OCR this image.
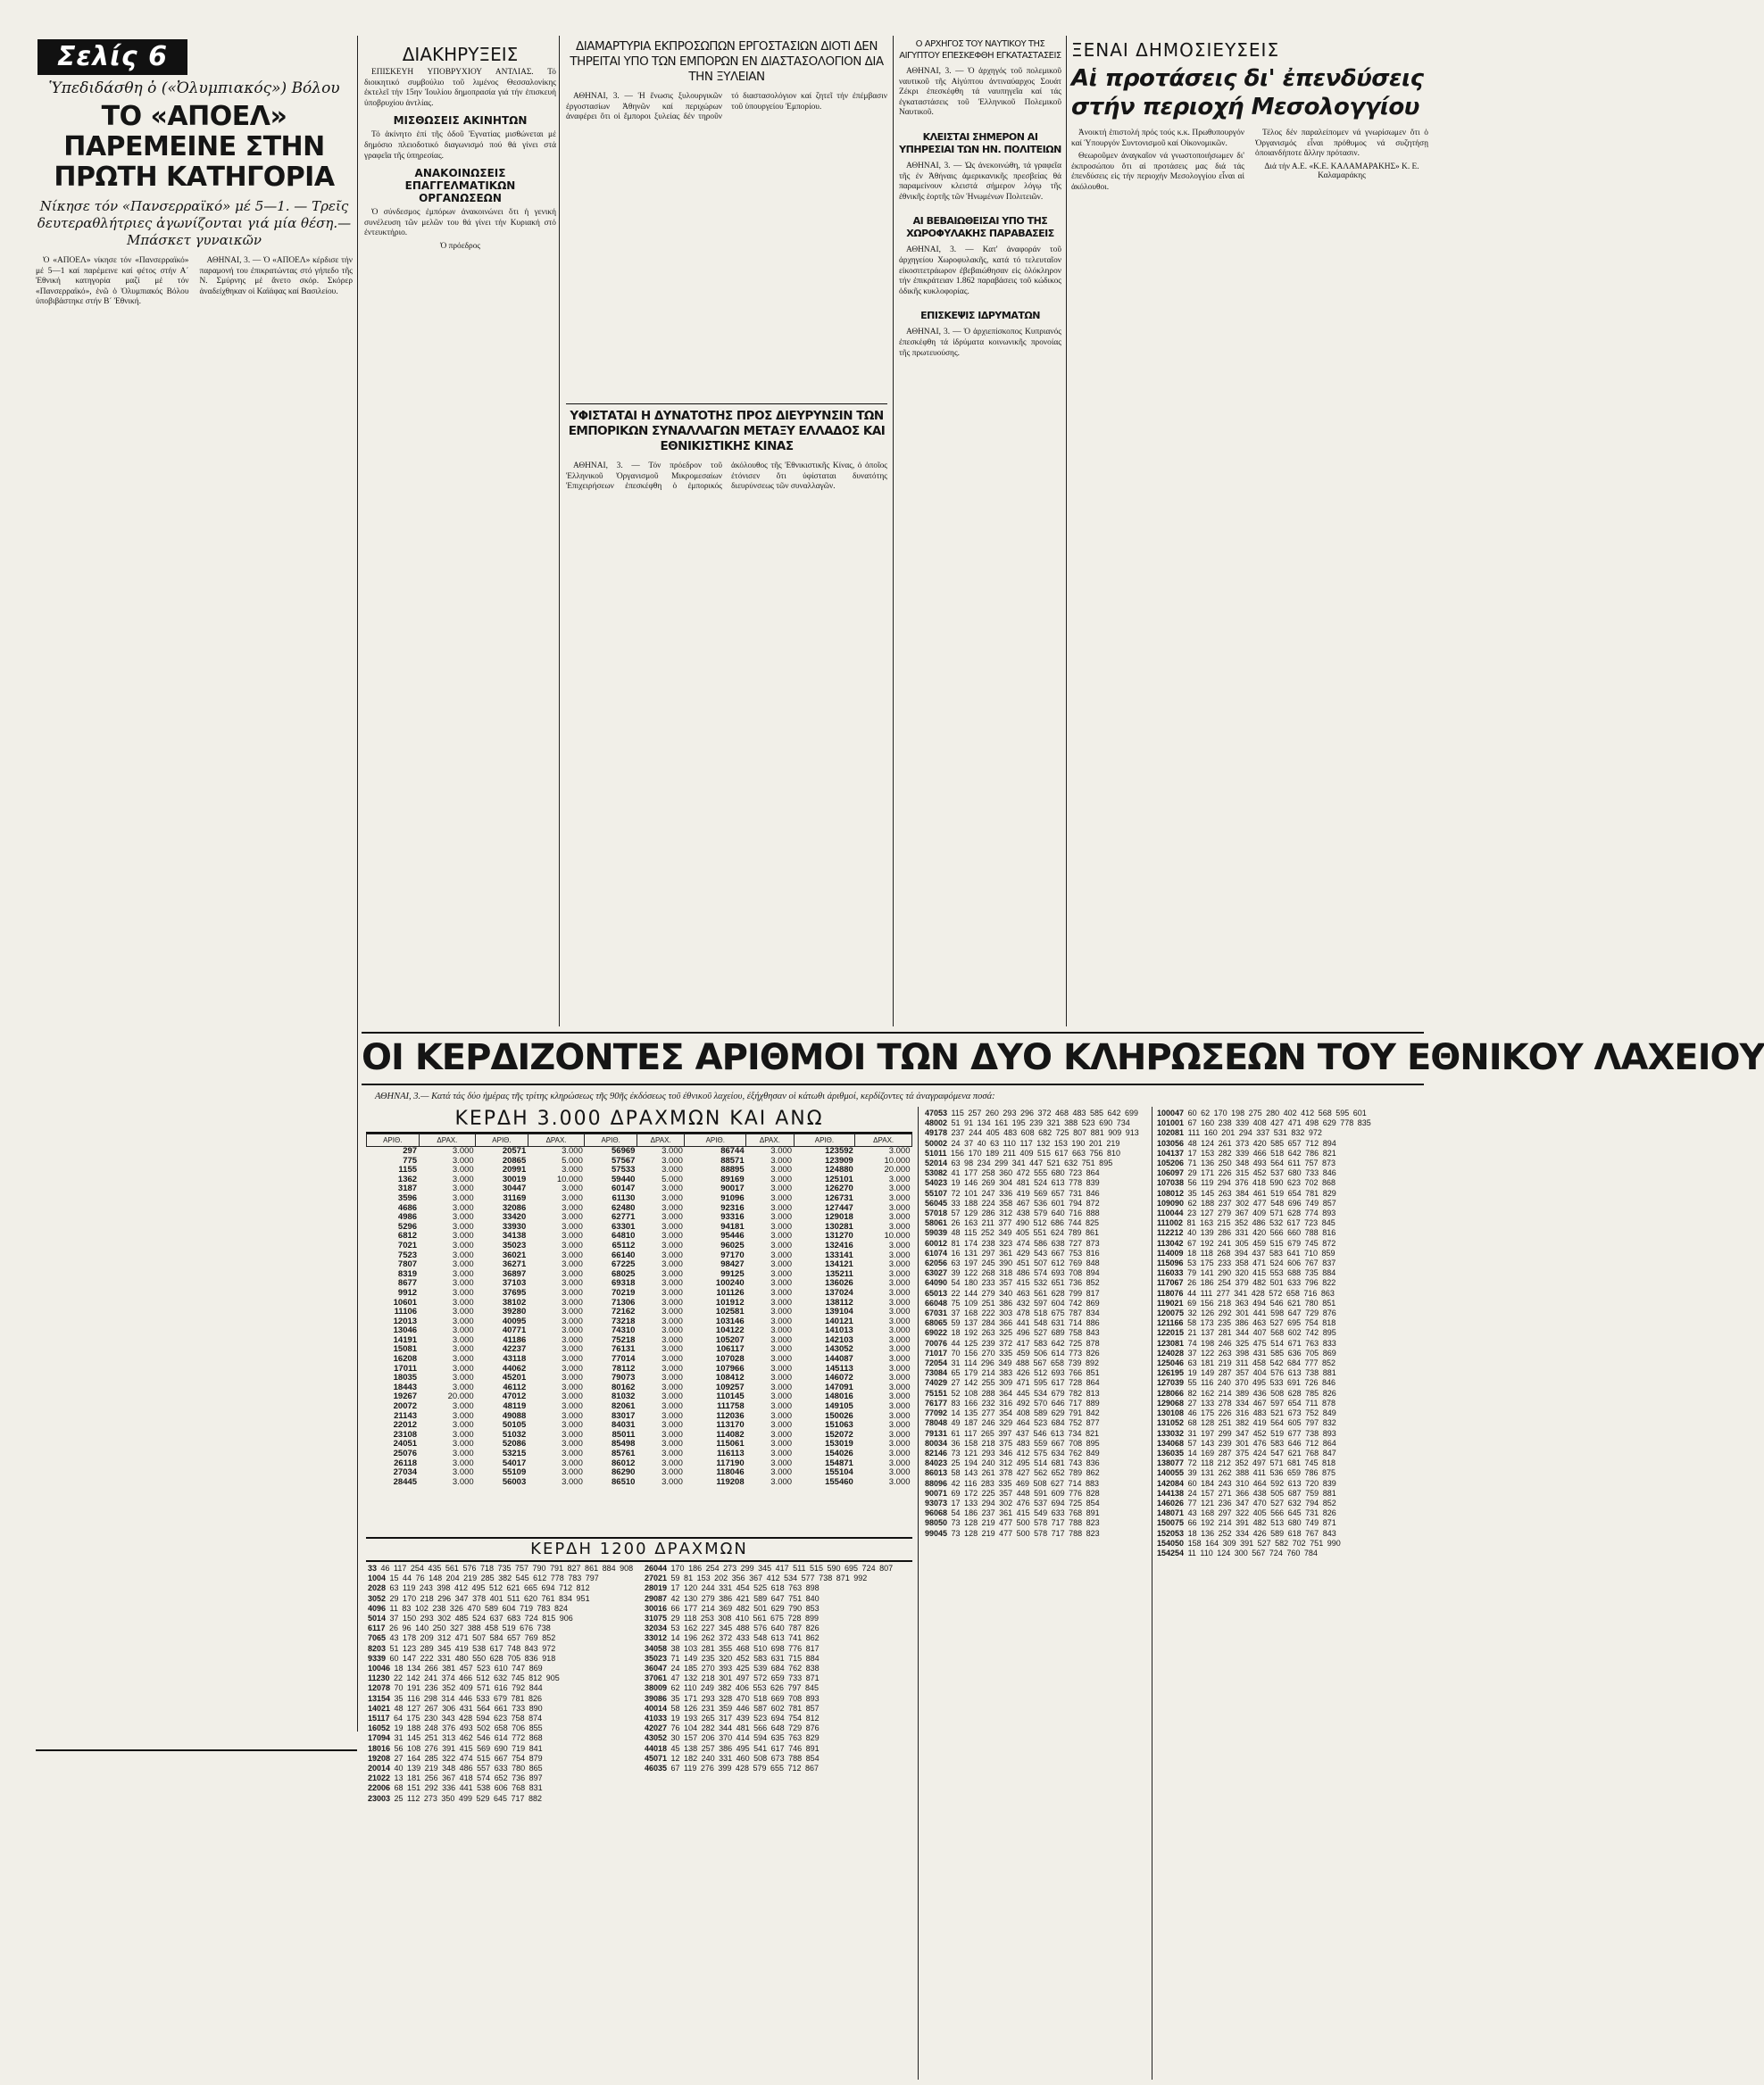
Σελίς 6
Ὑπεδιδάσθη ὁ («Ὀλυμπιακός») Βόλου
ΤΟ «ΑΠΟΕΛ» ΠΑΡΕΜΕΙΝΕ ΣΤΗΝ ΠΡΩΤΗ ΚΑΤΗΓΟΡΙΑ
Νίκησε τόν «Πανσερραϊκό» μέ 5—1. — Τρεῖς δευτεραθλήτριες ἀγωνίζονται γιά μία θέση.— Μπάσκετ γυναικῶν

Ὁ «ΑΠΟΕΛ» νίκησε τόν «Πανσερραϊκό» μέ 5—1 καί παρέμεινε καί φέτος στήν Α΄ Ἐθνική κατηγορία μαζί μέ τόν «Πανσερραϊκό», ἐνῶ ὁ Ὀλυμπιακός Βόλου ὑποβιβάστηκε στήν Β΄ Ἐθνική.

ΑΘΗΝΑΙ, 3. — Ὁ «ΑΠΟΕΛ» κέρδισε τήν παραμονή του ἐπικρατώντας στό γήπεδο τῆς Ν. Σμύρνης μέ ἄνετο σκόρ. Σκόρερ ἀναδείχθηκαν οἱ Καϊάφας καί Βασιλείου.

ΔΙΑΚΗΡΥΞΕΙΣ

ΕΠΙΣΚΕΥΗ ΥΠΟΒΡΥΧΙΟΥ ΑΝΤΛΙΑΣ. Τό διοικητικό συμβούλιο τοῦ λιμένος Θεσσαλονίκης ἐκτελεῖ τήν 15ην Ἰουλίου δημοπρασία γιά τήν ἐπισκευή ὑποβρυχίου ἀντλίας.

ΜΙΣΘΩΣΕΙΣ ΑΚΙΝΗΤΩΝ

Τό ἀκίνητο ἐπί τῆς ὁδοῦ Ἐγνατίας μισθώνεται μέ δημόσιο πλειοδοτικό διαγωνισμό πού θά γίνει στά γραφεῖα τῆς ὑπηρεσίας.

ΑΝΑΚΟΙΝΩΣΕΙΣ ΕΠΑΓΓΕΛΜΑΤΙΚΩΝ ΟΡΓΑΝΩΣΕΩΝ

Ὁ σύνδεσμος ἐμπόρων ἀνακοινώνει ὅτι ἡ γενική συνέλευση τῶν μελῶν του θά γίνει τήν Κυριακή στό ἐντευκτήριο.

Ὁ πρόεδρος
ΔΙΑΜΑΡΤΥΡΙΑ ΕΚΠΡΟΣΩΠΩΝ ΕΡΓΟΣΤΑΣΙΩΝ ΔΙΟΤΙ ΔΕΝ ΤΗΡΕΙΤΑΙ ΥΠΟ ΤΩΝ ΕΜΠΟΡΩΝ ΕΝ ΔΙΑΣΤΑΣΟΛΟΓΙΟΝ ΔΙΑ ΤΗΝ ΞΥΛΕΙΑΝ

ΑΘΗΝΑΙ, 3. — Ἡ ἕνωσις ξυλουργικῶν ἐργοστασίων Ἀθηνῶν καί περιχώρων ἀναφέρει ὅτι οἱ ἔμποροι ξυλείας δέν τηροῦν τό διαστασολόγιον καί ζητεῖ τήν ἐπέμβασιν τοῦ ὑπουργείου Ἐμπορίου.

ΥΦΙΣΤΑΤΑΙ Η ΔΥΝΑΤΟΤΗΣ ΠΡΟΣ ΔΙΕΥΡΥΝΣΙΝ ΤΩΝ ΕΜΠΟΡΙΚΩΝ ΣΥΝΑΛΛΑΓΩΝ ΜΕΤΑΞΥ ΕΛΛΑΔΟΣ ΚΑΙ ΕΘΝΙΚΙΣΤΙΚΗΣ ΚΙΝΑΣ

ΑΘΗΝΑΙ, 3. — Τόν πρόεδρον τοῦ Ἑλληνικοῦ Ὀργανισμοῦ Μικρομεσαίων Ἐπιχειρήσεων ἐπεσκέφθη ὁ ἐμπορικός ἀκόλουθος τῆς Ἐθνικιστικῆς Κίνας, ὁ ὁποῖος ἐτόνισεν ὅτι ὑφίσταται δυνατότης διευρύνσεως τῶν συναλλαγῶν.

Ο ΑΡΧΗΓΟΣ ΤΟΥ ΝΑΥΤΙΚΟΥ ΤΗΣ ΑΙΓΥΠΤΟΥ ΕΠΕΣΚΕΦΘΗ ΕΓΚΑΤΑΣΤΑΣΕΙΣ

ΑΘΗΝΑΙ, 3. — Ὁ ἀρχηγός τοῦ πολεμικοῦ ναυτικοῦ τῆς Αἰγύπτου ἀντιναύαρχος Σουάτ Ζέκρι ἐπεσκέφθη τά ναυπηγεῖα καί τάς ἐγκαταστάσεις τοῦ Ἑλληνικοῦ Πολεμικοῦ Ναυτικοῦ.

ΚΛΕΙΣΤΑΙ ΣΗΜΕΡΟΝ ΑΙ ΥΠΗΡΕΣΙΑΙ ΤΩΝ ΗΝ. ΠΟΛΙΤΕΙΩΝ

ΑΘΗΝΑΙ, 3. — Ὡς ἀνεκοινώθη, τά γραφεῖα τῆς ἐν Ἀθήναις ἀμερικανικῆς πρεσβείας θά παραμείνουν κλειστά σήμερον λόγῳ τῆς ἐθνικῆς ἑορτῆς τῶν Ἡνωμένων Πολιτειῶν.

ΑΙ ΒΕΒΑΙΩΘΕΙΣΑΙ ΥΠΟ ΤΗΣ ΧΩΡΟΦΥΛΑΚΗΣ ΠΑΡΑΒΑΣΕΙΣ

ΑΘΗΝΑΙ, 3. — Κατ' ἀναφοράν τοῦ ἀρχηγείου Χωροφυλακῆς, κατά τό τελευταῖον εἰκοσιτετράωρον ἐβεβαιώθησαν εἰς ὁλόκληρον τήν ἐπικράτειαν 1.862 παραβάσεις τοῦ κώδικος ὁδικῆς κυκλοφορίας.

ΕΠΙΣΚΕΨΙΣ ΙΔΡΥΜΑΤΩΝ

ΑΘΗΝΑΙ, 3. — Ὁ ἀρχιεπίσκοπος Κυπριανός ἐπεσκέφθη τά ἱδρύματα κοινωνικῆς προνοίας τῆς πρωτευούσης.

ΞΕΝΑΙ ΔΗΜΟΣΙΕΥΣΕΙΣ
Αἱ προτάσεις δι' ἐπενδύσεις στήν περιοχή Μεσολογγίου

Ἀνοικτή ἐπιστολή πρός τούς κ.κ. Πρωθυπουργόν καί Ὑπουργόν Συντονισμοῦ καί Οἰκονομικῶν.

Θεωροῦμεν ἀναγκαῖον νά γνωστοποιήσωμεν δι' ἐκπροσώπου ὅτι αἱ προτάσεις μας διά τάς ἐπενδύσεις εἰς τήν περιοχήν Μεσολογγίου εἶναι αἱ ἀκόλουθοι.

Τέλος δέν παραλείπομεν νά γνωρίσωμεν ὅτι ὁ Ὀργανισμός εἶναι πρόθυμος νά συζητήσῃ ὁποιανδήποτε ἄλλην πρότασιν.

Διά τήν Α.Ε. «Κ.Ε. ΚΑΛΑΜΑΡΑΚΗΣ» Κ. Ε. Καλαμαράκης
ΟΙ ΚΕΡΔΙΖΟΝΤΕΣ ΑΡΙΘΜΟΙ ΤΩΝ ΔΥΟ ΚΛΗΡΩΣΕΩΝ ΤΟΥ ΕΘΝΙΚΟΥ ΛΑΧΕΙΟΥ
ΑΘΗΝΑΙ, 3.— Κατά τάς δύο ἡμέρας τῆς τρίτης κληρώσεως τῆς 90ῆς ἐκδόσεως τοῦ ἐθνικοῦ λαχείου, ἐξήχθησαν οἱ κάτωθι ἀριθμοί, κερδίζοντες τά ἀναγραφόμενα ποσά:
ΚΕΡΔΗ 3.000 ΔΡΑΧΜΩΝ ΚΑΙ ΑΝΩ
ΑΡΙΘ.	ΔΡΑΧ.	ΑΡΙΘ.	ΔΡΑΧ.	ΑΡΙΘ.	ΔΡΑΧ.	ΑΡΙΘ.	ΔΡΑΧ.	ΑΡΙΘ.	ΔΡΑΧ.
297	3.000	20571	3.000	56969	3.000	86744	3.000	123592	3.000
775	3.000	20865	5.000	57567	3.000	88571	3.000	123909	10.000
1155	3.000	20991	3.000	57533	3.000	88895	3.000	124880	20.000
1362	3.000	30019	10.000	59440	5.000	89169	3.000	125101	3.000
3187	3.000	30447	3.000	60147	3.000	90017	3.000	126270	3.000
3596	3.000	31169	3.000	61130	3.000	91096	3.000	126731	3.000
4686	3.000	32086	3.000	62480	3.000	92316	3.000	127447	3.000
4986	3.000	33420	3.000	62771	3.000	93316	3.000	129018	3.000
5296	3.000	33930	3.000	63301	3.000	94181	3.000	130281	3.000
6812	3.000	34138	3.000	64810	3.000	95446	3.000	131270	10.000
7021	3.000	35023	3.000	65112	3.000	96025	3.000	132416	3.000
7523	3.000	36021	3.000	66140	3.000	97170	3.000	133141	3.000
7807	3.000	36271	3.000	67225	3.000	98427	3.000	134121	3.000
8319	3.000	36897	3.000	68025	3.000	99125	3.000	135211	3.000
8677	3.000	37103	3.000	69318	3.000	100240	3.000	136026	3.000
9912	3.000	37695	3.000	70219	3.000	101126	3.000	137024	3.000
10601	3.000	38102	3.000	71306	3.000	101912	3.000	138112	3.000
11106	3.000	39280	3.000	72162	3.000	102581	3.000	139104	3.000
12013	3.000	40095	3.000	73218	3.000	103146	3.000	140121	3.000
13046	3.000	40771	3.000	74310	3.000	104122	3.000	141013	3.000
14191	3.000	41186	3.000	75218	3.000	105207	3.000	142103	3.000
15081	3.000	42237	3.000	76131	3.000	106117	3.000	143052	3.000
16208	3.000	43118	3.000	77014	3.000	107028	3.000	144087	3.000
17011	3.000	44062	3.000	78112	3.000	107966	3.000	145113	3.000
18035	3.000	45201	3.000	79073	3.000	108412	3.000	146072	3.000
18443	3.000	46112	3.000	80162	3.000	109257	3.000	147091	3.000
19267	20.000	47012	3.000	81032	3.000	110145	3.000	148016	3.000
20072	3.000	48119	3.000	82061	3.000	111758	3.000	149105	3.000
21143	3.000	49088	3.000	83017	3.000	112036	3.000	150026	3.000
22012	3.000	50105	3.000	84031	3.000	113170	3.000	151063	3.000
23108	3.000	51032	3.000	85011	3.000	114082	3.000	152072	3.000
24051	3.000	52086	3.000	85498	3.000	115061	3.000	153019	3.000
25076	3.000	53215	3.000	85761	3.000	116113	3.000	154026	3.000
26118	3.000	54017	3.000	86012	3.000	117190	3.000	154871	3.000
27034	3.000	55109	3.000	86290	3.000	118046	3.000	155104	3.000
28445	3.000	56003	3.000	86510	3.000	119208	3.000	155460	3.000
ΚΕΡΔΗ 1200 ΔΡΑΧΜΩΝ
33 46 117 254 435 561 576 718 735 757 790 791 827 861 884 908
1004 15 44 76 148 204 219 285 382 545 612 778 783 797
2028 63 119 243 398 412 495 512 621 665 694 712 812
3052 29 170 218 296 347 378 401 511 620 761 834 951
4096 11 83 102 238 326 470 589 604 719 783 824
5014 37 150 293 302 485 524 637 683 724 815 906
6117 26 96 140 250 327 388 458 519 676 738
7065 43 178 209 312 471 507 584 657 769 852
8203 51 123 289 345 419 538 617 748 843 972
9339 60 147 222 331 480 550 628 705 836 918
10046 18 134 266 381 457 523 610 747 869
11230 22 142 241 374 466 512 632 745 812 905
12078 70 191 236 352 409 571 616 792 844
13154 35 116 298 314 446 533 679 781 826
14021 48 127 267 306 431 564 661 733 890
15117 64 175 230 343 428 594 623 758 874
16052 19 188 248 376 493 502 658 706 855
17094 31 145 251 313 462 546 614 772 868
18016 56 108 276 391 415 569 690 719 841
19208 27 164 285 322 474 515 667 754 879
20014 40 139 219 348 486 557 633 780 865
21022 13 181 256 367 418 574 652 736 897
22006 68 151 292 336 441 538 606 768 831
23003 25 112 273 350 499 529 645 717 882
26044 170 186 254 273 299 345 417 511 515 590 695 724 807
27021 59 81 153 202 356 367 412 534 577 738 871 992
28019 17 120 244 331 454 525 618 763 898
29087 42 130 279 386 421 589 647 751 840
30016 66 177 214 369 482 501 629 790 853
31075 29 118 253 308 410 561 675 728 899
32034 53 162 227 345 488 576 640 787 826
33012 14 196 262 372 433 548 613 741 862
34058 38 103 281 355 468 510 698 776 817
35023 71 149 235 320 452 583 631 715 884
36047 24 185 270 393 425 539 684 762 838
37061 47 132 218 301 497 572 659 733 871
38009 62 110 249 382 406 553 626 797 845
39086 35 171 293 328 470 518 669 708 893
40014 58 126 231 359 446 587 602 781 857
41033 19 193 265 317 439 523 694 754 812
42027 76 104 282 344 481 566 648 729 876
43052 30 157 206 370 414 594 635 763 829
44018 45 138 257 386 495 541 617 746 891
45071 12 182 240 331 460 508 673 788 854
46035 67 119 276 399 428 579 655 712 867
47053 115 257 260 293 296 372 468 483 585 642 699
48002 51 91 134 161 195 239 321 388 523 690 734
49178 237 244 405 483 608 682 725 807 881 909 913
50002 24 37 40 63 110 117 132 153 190 201 219
51011 156 170 189 211 409 515 617 663 756 810
52014 63 98 234 299 341 447 521 632 751 895
53082 41 177 258 360 472 555 680 723 864
54023 19 146 269 304 481 524 613 778 839
55107 72 101 247 336 419 569 657 731 846
56045 33 188 224 358 467 536 601 794 872
57018 57 129 286 312 438 579 640 716 888
58061 26 163 211 377 490 512 686 744 825
59039 48 115 252 349 405 551 624 789 861
60012 81 174 238 323 474 586 638 727 873
61074 16 131 297 361 429 543 667 753 816
62056 63 197 245 390 451 507 612 769 848
63027 39 122 268 318 486 574 693 708 894
64090 54 180 233 357 415 532 651 736 852
65013 22 144 279 340 463 561 628 799 817
66048 75 109 251 386 432 597 604 742 869
67031 37 168 222 303 478 518 675 787 834
68065 59 137 284 366 441 548 631 714 886
69022 18 192 263 325 496 527 689 758 843
70076 44 125 239 372 417 583 642 725 878
71017 70 156 270 335 459 506 614 773 826
72054 31 114 296 349 488 567 658 739 892
73084 65 179 214 383 426 512 693 766 851
74029 27 142 255 309 471 595 617 728 864
75151 52 108 288 364 445 534 679 782 813
76177 83 166 232 316 492 570 646 717 889
77092 14 135 277 354 408 589 629 791 842
78048 49 187 246 329 464 523 684 752 877
79131 61 117 265 397 437 546 613 734 821
80034 36 158 218 375 483 559 667 708 895
82146 73 121 293 346 412 575 634 762 849
84023 25 194 240 312 495 514 681 743 836
86013 58 143 261 378 427 562 652 789 862
88096 42 116 283 335 469 508 627 714 883
90071 69 172 225 357 448 591 609 776 828
93073 17 133 294 302 476 537 694 725 854
96068 54 186 237 361 415 549 633 768 891
98050 73 128 219 477 500 578 717 788 823
99045 73 128 219 477 500 578 717 788 823
100047 60 62 170 198 275 280 402 412 568 595 601
101001 67 160 238 339 408 427 471 498 629 778 835
102081 111 160 201 294 337 531 832 972
103056 48 124 261 373 420 585 657 712 894
104137 17 153 282 339 466 518 642 786 821
105206 71 136 250 348 493 564 611 757 873
106097 29 171 226 315 452 537 680 733 846
107038 56 119 294 376 418 590 623 702 868
108012 35 145 263 384 461 519 654 781 829
109090 62 188 237 302 477 548 696 749 857
110044 23 127 279 367 409 571 628 774 893
111002 81 163 215 352 486 532 617 723 845
112212 40 139 286 331 420 566 660 788 816
113042 67 192 241 305 459 515 679 745 872
114009 18 118 268 394 437 583 641 710 859
115096 53 175 233 358 471 524 606 767 837
116033 79 141 290 320 415 553 688 735 884
117067 26 186 254 379 482 501 633 796 822
118076 44 111 277 341 428 572 658 716 863
119021 69 156 218 363 494 546 621 780 851
120075 32 126 292 301 441 598 647 729 876
121166 58 173 235 386 463 527 695 754 818
122015 21 137 281 344 407 568 602 742 895
123081 74 198 246 325 475 514 671 763 833
124028 37 122 263 398 431 585 636 705 869
125046 63 181 219 311 458 542 684 777 852
126195 19 149 287 357 404 576 613 738 881
127039 55 116 240 370 495 533 691 726 846
128066 82 162 214 389 436 508 628 785 826
129068 27 133 278 334 467 597 654 711 878
130108 46 175 226 316 483 521 673 752 849
131052 68 128 251 382 419 564 605 797 832
133032 31 197 299 347 452 519 677 738 893
134068 57 143 239 301 476 583 646 712 864
136035 14 169 287 375 424 547 621 768 847
138077 72 118 212 352 497 571 681 745 818
140055 39 131 262 388 411 536 659 786 875
142084 60 184 243 310 464 592 613 720 839
144138 24 157 271 366 438 505 687 759 881
146026 77 121 236 347 470 527 632 794 852
148071 43 168 297 322 405 566 645 731 826
150075 66 192 214 391 482 513 680 749 871
152053 18 136 252 334 426 589 618 767 843
154050 158 164 309 391 527 582 702 751 990
154254 11 110 124 300 567 724 760 784
